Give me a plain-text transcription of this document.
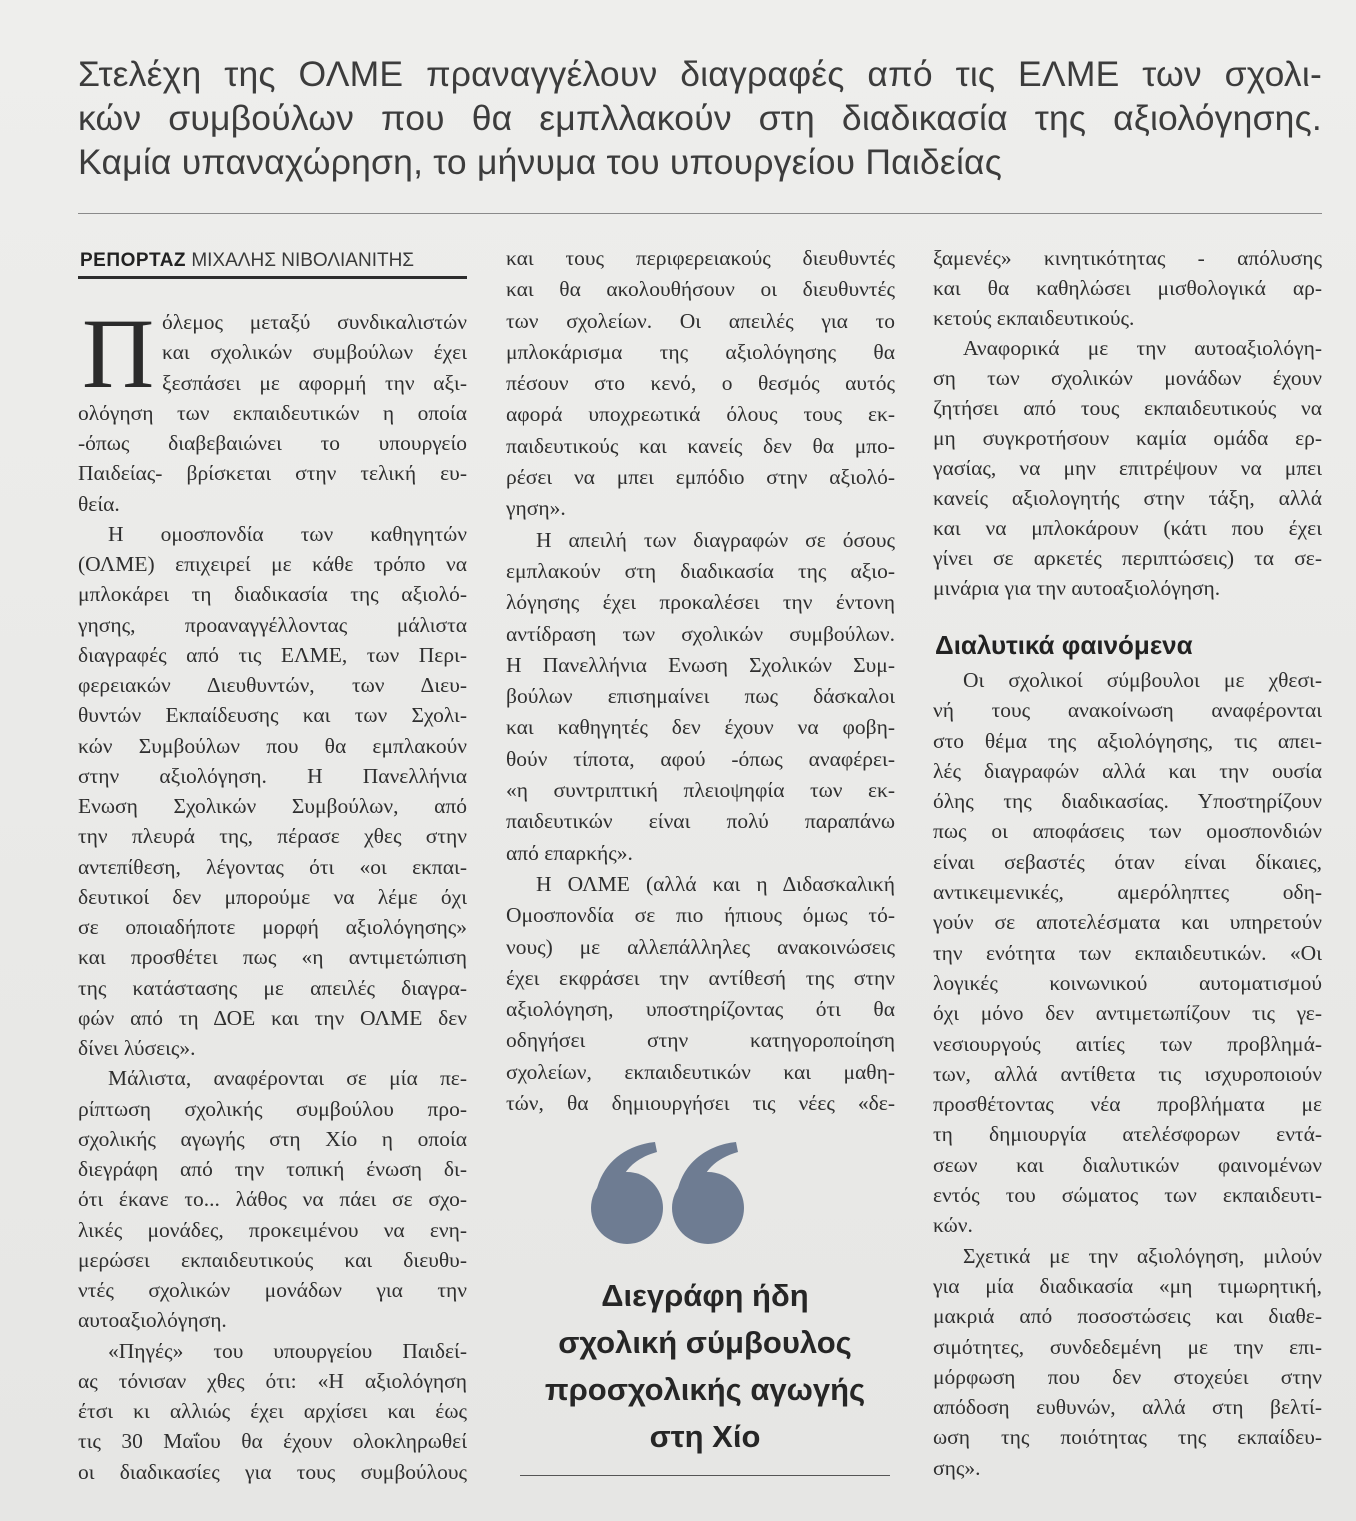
Στελέχη της ΟΛΜΕ πραναγγέλουν διαγραφές από τις ΕΛΜΕ των σχολι-
κών συμβούλων που θα εμπλλακούν στη διαδικασία της αξιολόγησης.
Καμία υπαναχώρηση, το μήνυμα του υπουργείου Παιδείας
ΡΕΠΟΡΤΑΖ ΜΙΧΑΛΗΣ ΝΙΒΟΛΙΑΝΙΤΗΣ
Π όλεμος μεταξύ συνδικαλιστών
και σχολικών συμβούλων έχει
ξεσπάσει με αφορμή την αξι-
ολόγηση των εκπαιδευτικών η οποία
-όπως διαβεβαιώνει το υπουργείο
Παιδείας- βρίσκεται στην τελική ευ-
θεία.
Η ομοσπονδία των καθηγητών
(ΟΛΜΕ) επιχειρεί με κάθε τρόπο να
μπλοκάρει τη διαδικασία της αξιολό-
γησης, προαναγγέλλοντας μάλιστα
διαγραφές από τις ΕΛΜΕ, των Περι-
φερειακών Διευθυντών, των Διευ-
θυντών Εκπαίδευσης και των Σχολι-
κών Συμβούλων που θα εμπλακούν
στην αξιολόγηση. Η Πανελλήνια
Ενωση Σχολικών Συμβούλων, από
την πλευρά της, πέρασε χθες στην
αντεπίθεση, λέγοντας ότι «οι εκπαι-
δευτικοί δεν μπορούμε να λέμε όχι
σε οποιαδήποτε μορφή αξιολόγησης»
και προσθέτει πως «η αντιμετώπιση
της κατάστασης με απειλές διαγρα-
φών από τη ΔΟΕ και την ΟΛΜΕ δεν
δίνει λύσεις».
Μάλιστα, αναφέρονται σε μία πε-
ρίπτωση σχολικής συμβούλου προ-
σχολικής αγωγής στη Χίο η οποία
διεγράφη από την τοπική ένωση δι-
ότι έκανε το... λάθος να πάει σε σχο-
λικές μονάδες, προκειμένου να ενη-
μερώσει εκπαιδευτικούς και διευθυ-
ντές σχολικών μονάδων για την
αυτοαξιολόγηση.
«Πηγές» του υπουργείου Παιδεί-
ας τόνισαν χθες ότι: «Η αξιολόγηση
έτσι κι αλλιώς έχει αρχίσει και έως
τις 30 Μαΐου θα έχουν ολοκληρωθεί
οι διαδικασίες για τους συμβούλους
και τους περιφερειακούς διευθυντές
και θα ακολουθήσουν οι διευθυντές
των σχολείων. Οι απειλές για το
μπλοκάρισμα της αξιολόγησης θα
πέσουν στο κενό, ο θεσμός αυτός
αφορά υποχρεωτικά όλους τους εκ-
παιδευτικούς και κανείς δεν θα μπο-
ρέσει να μπει εμπόδιο στην αξιολό-
γηση».
Η απειλή των διαγραφών σε όσους
εμπλακούν στη διαδικασία της αξιο-
λόγησης έχει προκαλέσει την έντονη
αντίδραση των σχολικών συμβούλων.
Η Πανελλήνια Ενωση Σχολικών Συμ-
βούλων επισημαίνει πως δάσκαλοι
και καθηγητές δεν έχουν να φοβη-
θούν τίποτα, αφού -όπως αναφέρει-
«η συντριπτική πλειοψηφία των εκ-
παιδευτικών είναι πολύ παραπάνω
από επαρκής».
Η ΟΛΜΕ (αλλά και η Διδασκαλική
Ομοσπονδία σε πιο ήπιους όμως τό-
νους) με αλλεπάλληλες ανακοινώσεις
έχει εκφράσει την αντίθεσή της στην
αξιολόγηση, υποστηρίζοντας ότι θα
οδηγήσει στην κατηγοροποίηση
σχολείων, εκπαιδευτικών και μαθη-
τών, θα δημιουργήσει τις νέες «δε-
ξαμενές» κινητικότητας - απόλυσης
και θα καθηλώσει μισθολογικά αρ-
κετούς εκπαιδευτικούς.
Αναφορικά με την αυτοαξιολόγη-
ση των σχολικών μονάδων έχουν
ζητήσει από τους εκπαιδευτικούς να
μη συγκροτήσουν καμία ομάδα ερ-
γασίας, να μην επιτρέψουν να μπει
κανείς αξιολογητής στην τάξη, αλλά
και να μπλοκάρουν (κάτι που έχει
γίνει σε αρκετές περιπτώσεις) τα σε-
μινάρια για την αυτοαξιολόγηση.
Διαλυτικά φαινόμενα
Οι σχολικοί σύμβουλοι με χθεσι-
νή τους ανακοίνωση αναφέρονται
στο θέμα της αξιολόγησης, τις απει-
λές διαγραφών αλλά και την ουσία
όλης της διαδικασίας. Υποστηρίζουν
πως οι αποφάσεις των ομοσπονδιών
είναι σεβαστές όταν είναι δίκαιες,
αντικειμενικές, αμερόληπτες οδη-
γούν σε αποτελέσματα και υπηρετούν
την ενότητα των εκπαιδευτικών. «Οι
λογικές κοινωνικού αυτοματισμού
όχι μόνο δεν αντιμετωπίζουν τις γε-
νεσιουργούς αιτίες των προβλημά-
των, αλλά αντίθετα τις ισχυροποιούν
προσθέτοντας νέα προβλήματα με
τη δημιουργία ατελέσφορων εντά-
σεων και διαλυτικών φαινομένων
εντός του σώματος των εκπαιδευτι-
κών.
Σχετικά με την αξιολόγηση, μιλούν
για μία διαδικασία «μη τιμωρητική,
μακριά από ποσοστώσεις και διαθε-
σιμότητες, συνδεδεμένη με την επι-
μόρφωση που δεν στοχεύει στην
απόδοση ευθυνών, αλλά στη βελτί-
ωση της ποιότητας της εκπαίδευ-
σης».
Διεγράφη ήδη
σχολική σύμβουλος
προσχολικής αγωγής
στη Χίο
